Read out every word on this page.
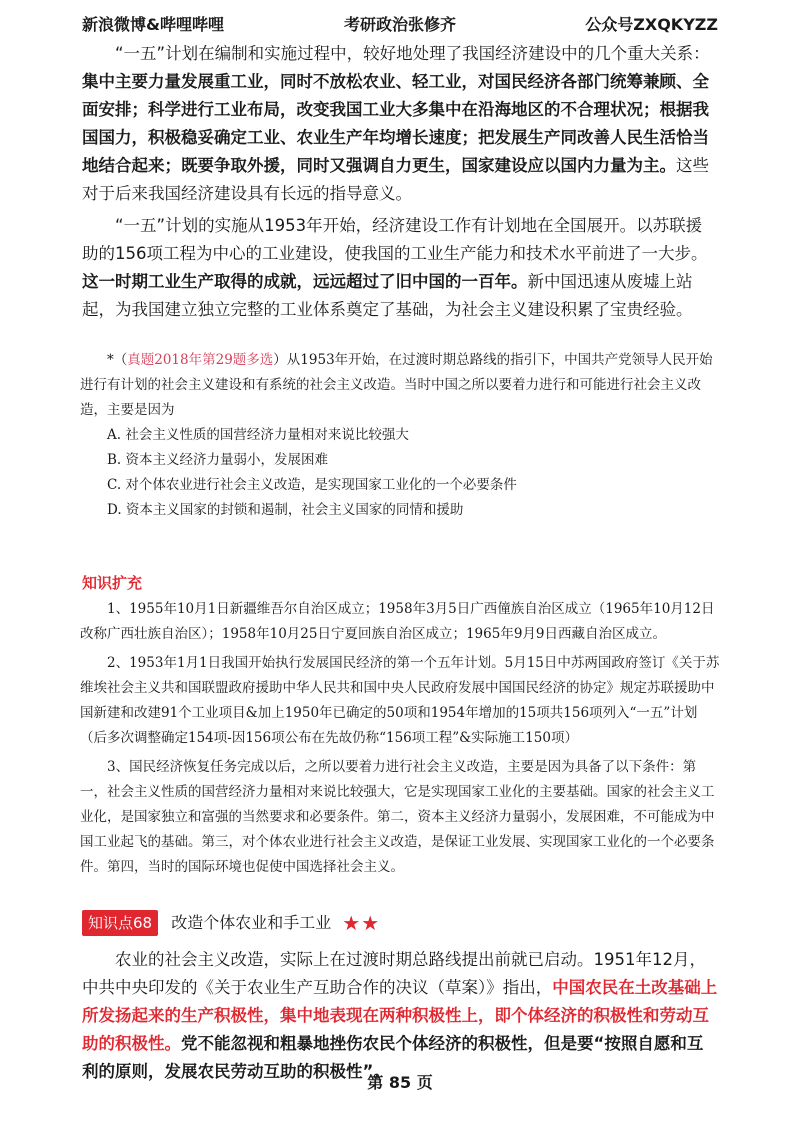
新浪微博&哔哩哔哩	考研政治张修齐	公众号ZXQKYZZ

“一五”计划在编制和实施过程中，较好地处理了我国经济建设中的几个重大关系：集中主要力量发展重工业，同时不放松农业、轻工业，对国民经济各部门统筹兼顾、全面安排；科学进行工业布局，改变我国工业大多集中在沿海地区的不合理状况；根据我国国力，积极稳妥确定工业、农业生产年均增长速度；把发展生产同改善人民生活恰当地结合起来；既要争取外援，同时又强调自力更生，国家建设应以国内力量为主。这些对于后来我国经济建设具有长远的指导意义。

“一五”计划的实施从1953年开始，经济建设工作有计划地在全国展开。以苏联援助的156项工程为中心的工业建设，使我国的工业生产能力和技术水平前进了一大步。这一时期工业生产取得的成就，远远超过了旧中国的一百年。新中国迅速从废墟上站起，为我国建立独立完整的工业体系奠定了基础，为社会主义建设积累了宝贵经验。

*（真题2018年第29题多选）从1953年开始，在过渡时期总路线的指引下，中国共产党领导人民开始进行有计划的社会主义建设和有系统的社会主义改造。当时中国之所以要着力进行和可能进行社会主义改造，主要是因为

A. 社会主义性质的国营经济力量相对来说比较强大
B. 资本主义经济力量弱小，发展困难
C. 对个体农业进行社会主义改造，是实现国家工业化的一个必要条件
D. 资本主义国家的封锁和遏制，社会主义国家的同情和援助
知识扩充

1、1955年10月1日新疆维吾尔自治区成立；1958年3月5日广西僮族自治区成立（1965年10月12日改称广西壮族自治区）；1958年10月25日宁夏回族自治区成立；1965年9月9日西藏自治区成立。

2、1953年1月1日我国开始执行发展国民经济的第一个五年计划。5月15日中苏两国政府签订《关于苏维埃社会主义共和国联盟政府援助中华人民共和国中央人民政府发展中国国民经济的协定》规定苏联援助中国新建和改建91个工业项目&加上1950年已确定的50项和1954年增加的15项共156项列入“一五”计划（后多次调整确定154项-因156项公布在先故仍称“156项工程”&实际施工150项）

3、国民经济恢复任务完成以后，之所以要着力进行社会主义改造，主要是因为具备了以下条件：第一，社会主义性质的国营经济力量相对来说比较强大，它是实现国家工业化的主要基础。国家的社会主义工业化，是国家独立和富强的当然要求和必要条件。第二，资本主义经济力量弱小，发展困难，不可能成为中国工业起飞的基础。第三，对个体农业进行社会主义改造，是保证工业发展、实现国家工业化的一个必要条件。第四，当时的国际环境也促使中国选择社会主义。

知识点68 改造个体农业和手工业 ★★

农业的社会主义改造，实际上在过渡时期总路线提出前就已启动。1951年12月，中共中央印发的《关于农业生产互助合作的决议（草案）》指出，中国农民在土改基础上所发扬起来的生产积极性，集中地表现在两种积极性上，即个体经济的积极性和劳动互助的积极性。党不能忽视和粗暴地挫伤农民个体经济的积极性，但是要“按照自愿和互利的原则，发展农民劳动互助的积极性”。

第 85 页
